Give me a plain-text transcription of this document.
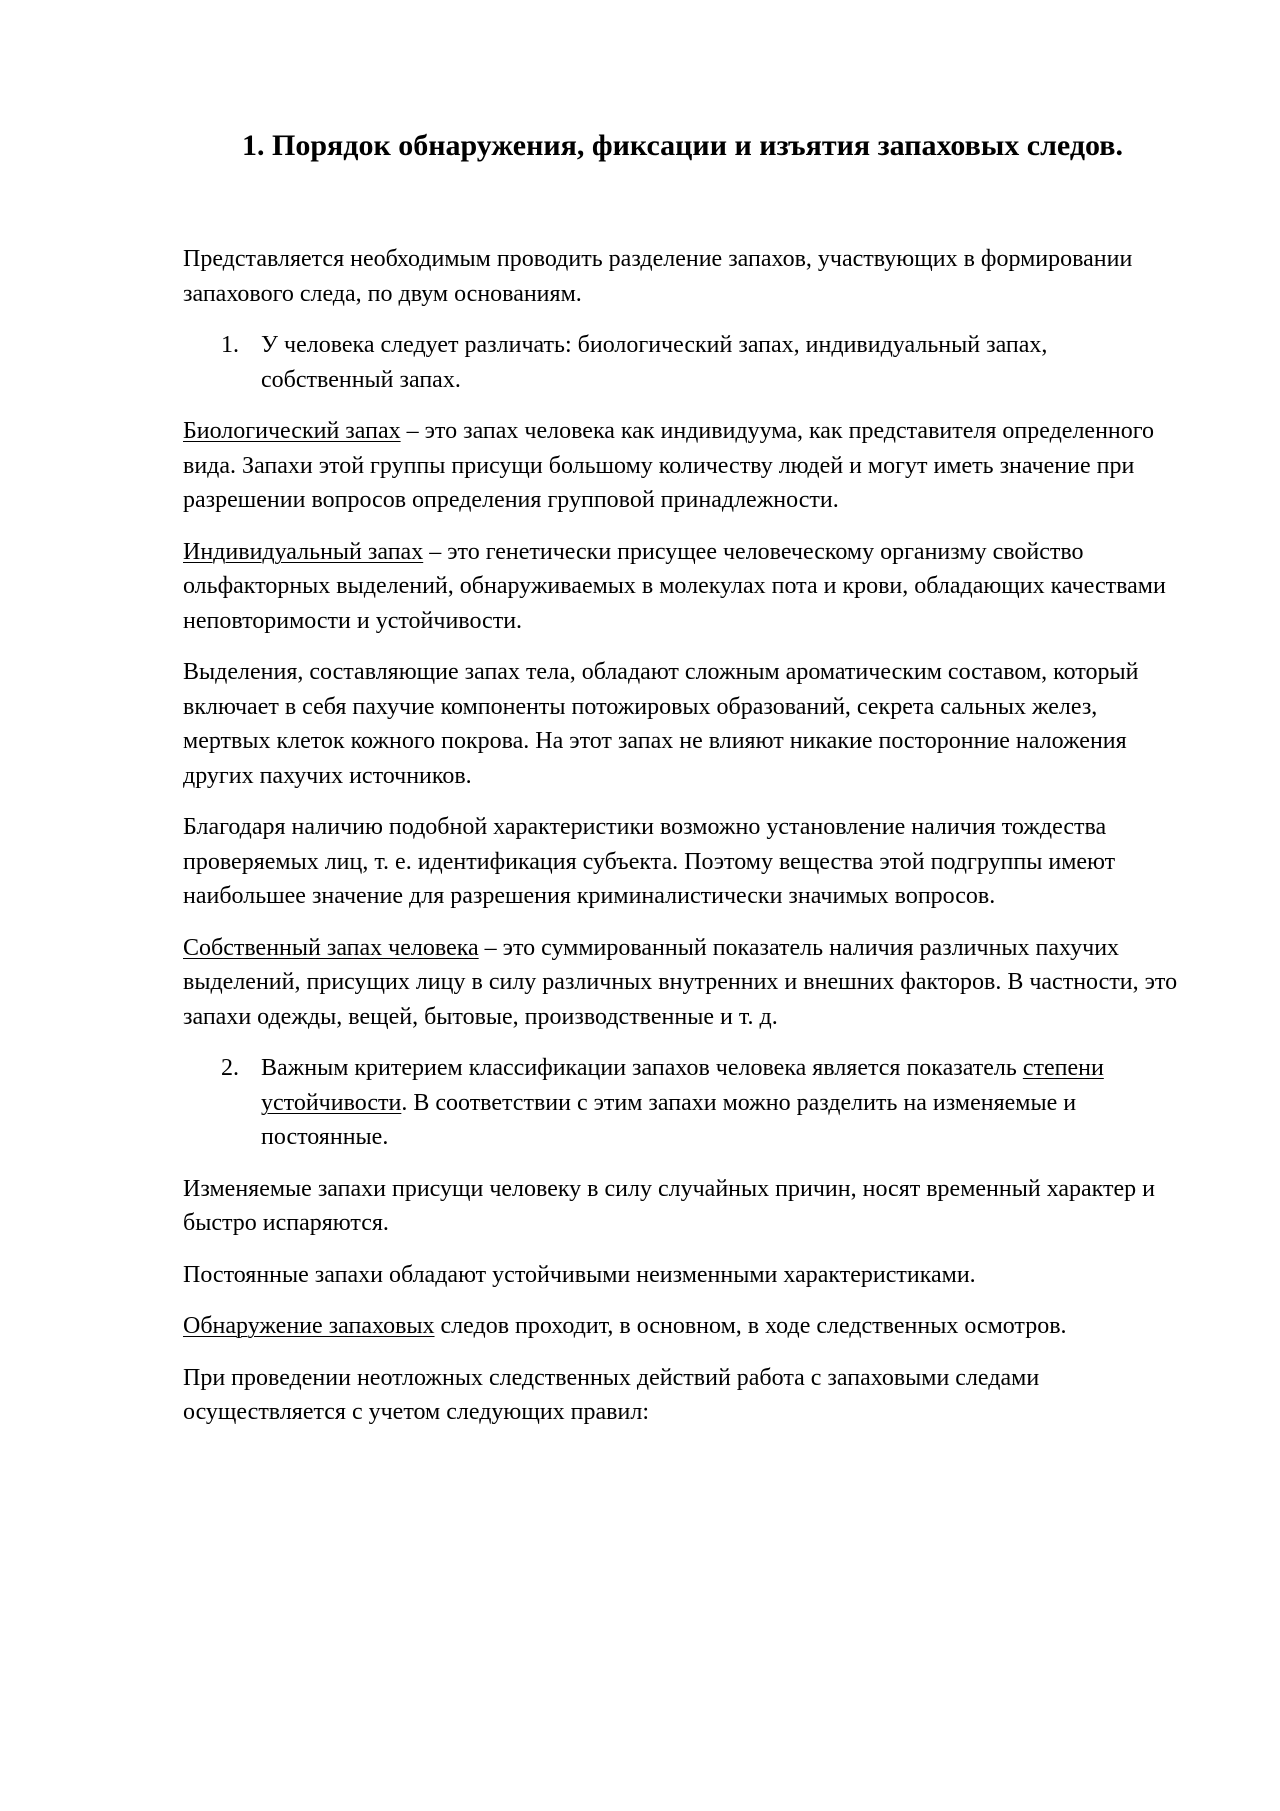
1. Порядок обнаружения, фиксации и изъятия запаховых следов.

Представляется необходимым проводить разделение запахов, участвующих в формировании запахового следа, по двум основаниям.

1. У человека следует различать: биологический запах, индивидуальный запах, собственный запах.

Биологический запах – это запах человека как индивидуума, как представителя определенного вида. Запахи этой группы присущи большому количеству людей и могут иметь значение при разрешении вопросов определения групповой принадлежности.

Индивидуальный запах – это генетически присущее человеческому организму свойство ольфакторных выделений, обнаруживаемых в молекулах пота и крови, обладающих качествами неповторимости и устойчивости.

Выделения, составляющие запах тела, обладают сложным ароматическим составом, который включает в себя пахучие компоненты потожировых образований, секрета сальных желез, мертвых клеток кожного покрова. На этот запах не влияют никакие посторонние наложения других пахучих источников.

Благодаря наличию подобной характеристики возможно установление наличия тождества проверяемых лиц, т. е. идентификация субъекта. Поэтому вещества этой подгруппы имеют наибольшее значение для разрешения криминалистически значимых вопросов.

Собственный запах человека – это суммированный показатель наличия различных пахучих выделений, присущих лицу в силу различных внутренних и внешних факторов. В частности, это запахи одежды, вещей, бытовые, производственные и т. д.

2. Важным критерием классификации запахов человека является показатель степени устойчивости. В соответствии с этим запахи можно разделить на изменяемые и постоянные.

Изменяемые запахи присущи человеку в силу случайных причин, носят временный характер и быстро испаряются.

Постоянные запахи обладают устойчивыми неизменными характеристиками.

Обнаружение запаховых следов проходит, в основном, в ходе следственных осмотров.

При проведении неотложных следственных действий работа с запаховыми следами осуществляется с учетом следующих правил:
